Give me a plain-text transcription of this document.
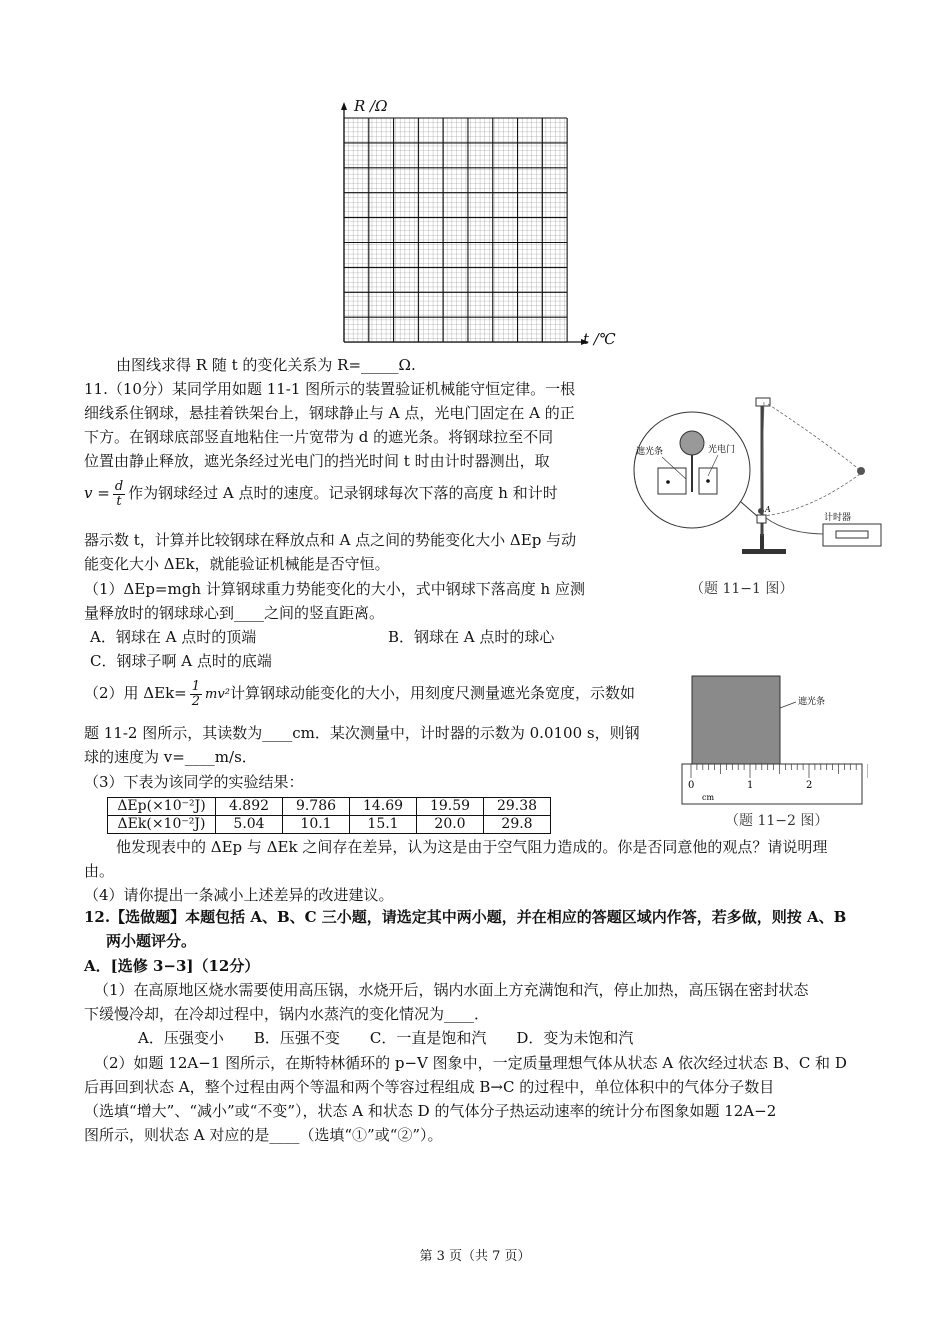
R /Ω
t /℃
由图线求得 R 随 t 的变化关系为 R=_____Ω.
11.（10分）某同学用如题 11-1 图所示的装置验证机械能守恒定律。一根
细线系住钢球，悬挂着铁架台上，钢球静止与 A 点，光电门固定在 A 的正
下方。在钢球底部竖直地粘住一片宽带为 d 的遮光条。将钢球拉至不同
位置由静止释放，遮光条经过光电门的挡光时间 t 时由计时器测出，取
$v = \frac{d}{t}$ 作为钢球经过 A 点时的速度。记录钢球每次下落的高度 h 和计时
器示数 t，计算并比较钢球在释放点和 A 点之间的势能变化大小 ΔEp 与动
能变化大小 ΔEk，就能验证机械能是否守恒。
（1）ΔEp=mgh 计算钢球重力势能变化的大小，式中钢球下落高度 h 应测
量释放时的钢球球心到____之间的竖直距离。
A．钢球在 A 点时的顶端	B．钢球在 A 点时的球心
C．钢球子啊 A 点时的底端
（2）用 $\Delta Ek= \frac{1}{2} mv^2$计算钢球动能变化的大小，用刻度尺测量遮光条宽度，示数如
题 11-2 图所示，其读数为____cm．某次测量中，计时器的示数为 0.0100 s，则钢
球的速度为 v=____m/s．
（3）下表为该同学的实验结果：
ΔEp(×10⁻²J)	4.892	9.786	14.69	19.59	29.38
ΔEk(×10⁻²J)	5.04	10.1	15.1	20.0	29.8
他发现表中的 ΔEp 与 ΔEk 之间存在差异，认为这是由于空气阻力造成的。你是否同意他的观点？请说明理
由。
（4）请你提出一条减小上述差异的改进建议。
A
计时器
遮光条	光电门
（题 11−1 图）
遮光条
0	1	2
cm
（题 11−2 图）
12.【选做题】本题包括 A、B、C 三小题，请选定其中两小题，并在相应的答题区域内作答，若多做，则按 A、B
两小题评分。
A．[选修 3−3]（12分）
（1）在高原地区烧水需要使用高压锅，水烧开后，锅内水面上方充满饱和汽，停止加热，高压锅在密封状态
下缓慢冷却，在冷却过程中，锅内水蒸汽的变化情况为____．
A．压强变小　　B．压强不变　　C．一直是饱和汽　　D．变为未饱和汽
（2）如题 12A−1 图所示，在斯特林循环的 p−V 图象中，一定质量理想气体从状态 A 依次经过状态 B、C 和 D
后再回到状态 A，整个过程由两个等温和两个等容过程组成 B→C 的过程中，单位体积中的气体分子数目
（选填“增大”、“减小”或“不变”），状态 A 和状态 D 的气体分子热运动速率的统计分布图象如题 12A−2
图所示，则状态 A 对应的是____（选填“①”或“②”）。
第 3 页（共 7 页）
